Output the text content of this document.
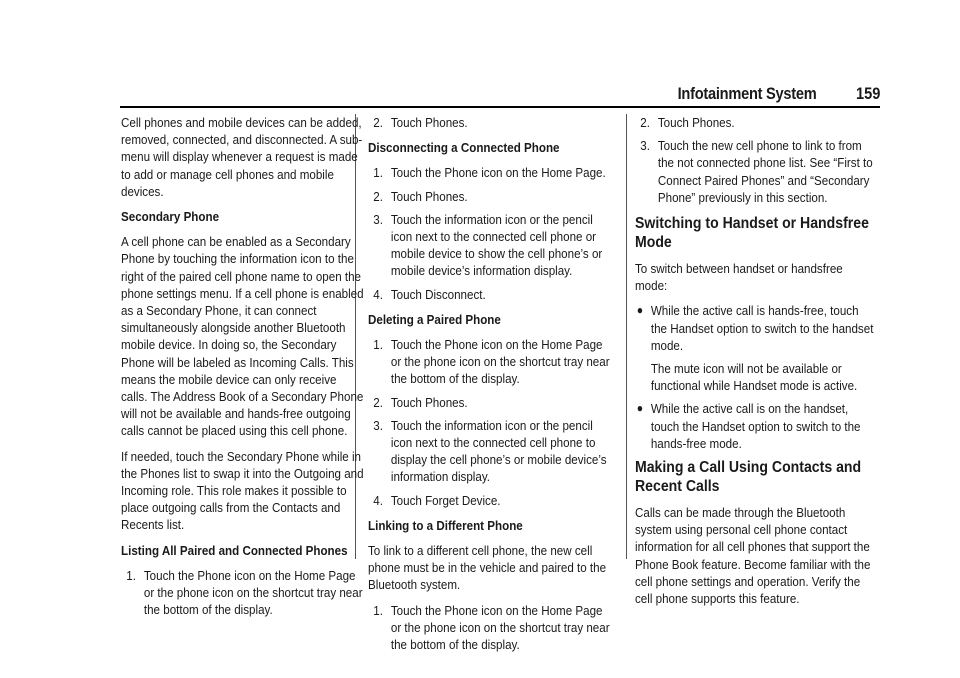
Infotainment System 159

Cell phones and mobile devices can be added, removed, connected, and disconnected. A sub-menu will display whenever a request is made to add or manage cell phones and mobile devices.

Secondary Phone

A cell phone can be enabled as a Secondary Phone by touching the information icon to the right of the paired cell phone name to open the phone settings menu. If a cell phone is enabled as a Secondary Phone, it can connect simultaneously alongside another Bluetooth mobile device. In doing so, the Secondary Phone will be labeled as Incoming Calls. This means the mobile device can only receive calls. The Address Book of a Secondary Phone will not be available and hands-free outgoing calls cannot be placed using this cell phone.

If needed, touch the Secondary Phone while in the Phones list to swap it into the Outgoing and Incoming role. This role makes it possible to place outgoing calls from the Contacts and Recents list.

Listing All Paired and Connected Phones

1. Touch the Phone icon on the Home Page or the phone icon on the shortcut tray near the bottom of the display.
2. Touch Phones.

Disconnecting a Connected Phone

1. Touch the Phone icon on the Home Page.
2. Touch Phones.
3. Touch the information icon or the pencil icon next to the connected cell phone or mobile device to show the cell phone’s or mobile device’s information display.
4. Touch Disconnect.

Deleting a Paired Phone

1. Touch the Phone icon on the Home Page or the phone icon on the shortcut tray near the bottom of the display.
2. Touch Phones.
3. Touch the information icon or the pencil icon next to the connected cell phone to display the cell phone’s or mobile device’s information display.
4. Touch Forget Device.

Linking to a Different Phone

To link to a different cell phone, the new cell phone must be in the vehicle and paired to the Bluetooth system.

1. Touch the Phone icon on the Home Page or the phone icon on the shortcut tray near the bottom of the display.
2. Touch Phones.
3. Touch the new cell phone to link to from the not connected phone list. See “First to Connect Paired Phones” and “Secondary Phone” previously in this section.
Switching to Handset or Handsfree Mode

To switch between handset or handsfree mode:

● While the active call is hands-free, touch the Handset option to switch to the handset mode.

The mute icon will not be available or functional while Handset mode is active.

● While the active call is on the handset, touch the Handset option to switch to the hands-free mode.
Making a Call Using Contacts and Recent Calls

Calls can be made through the Bluetooth system using personal cell phone contact information for all cell phones that support the Phone Book feature. Become familiar with the cell phone settings and operation. Verify the cell phone supports this feature.
